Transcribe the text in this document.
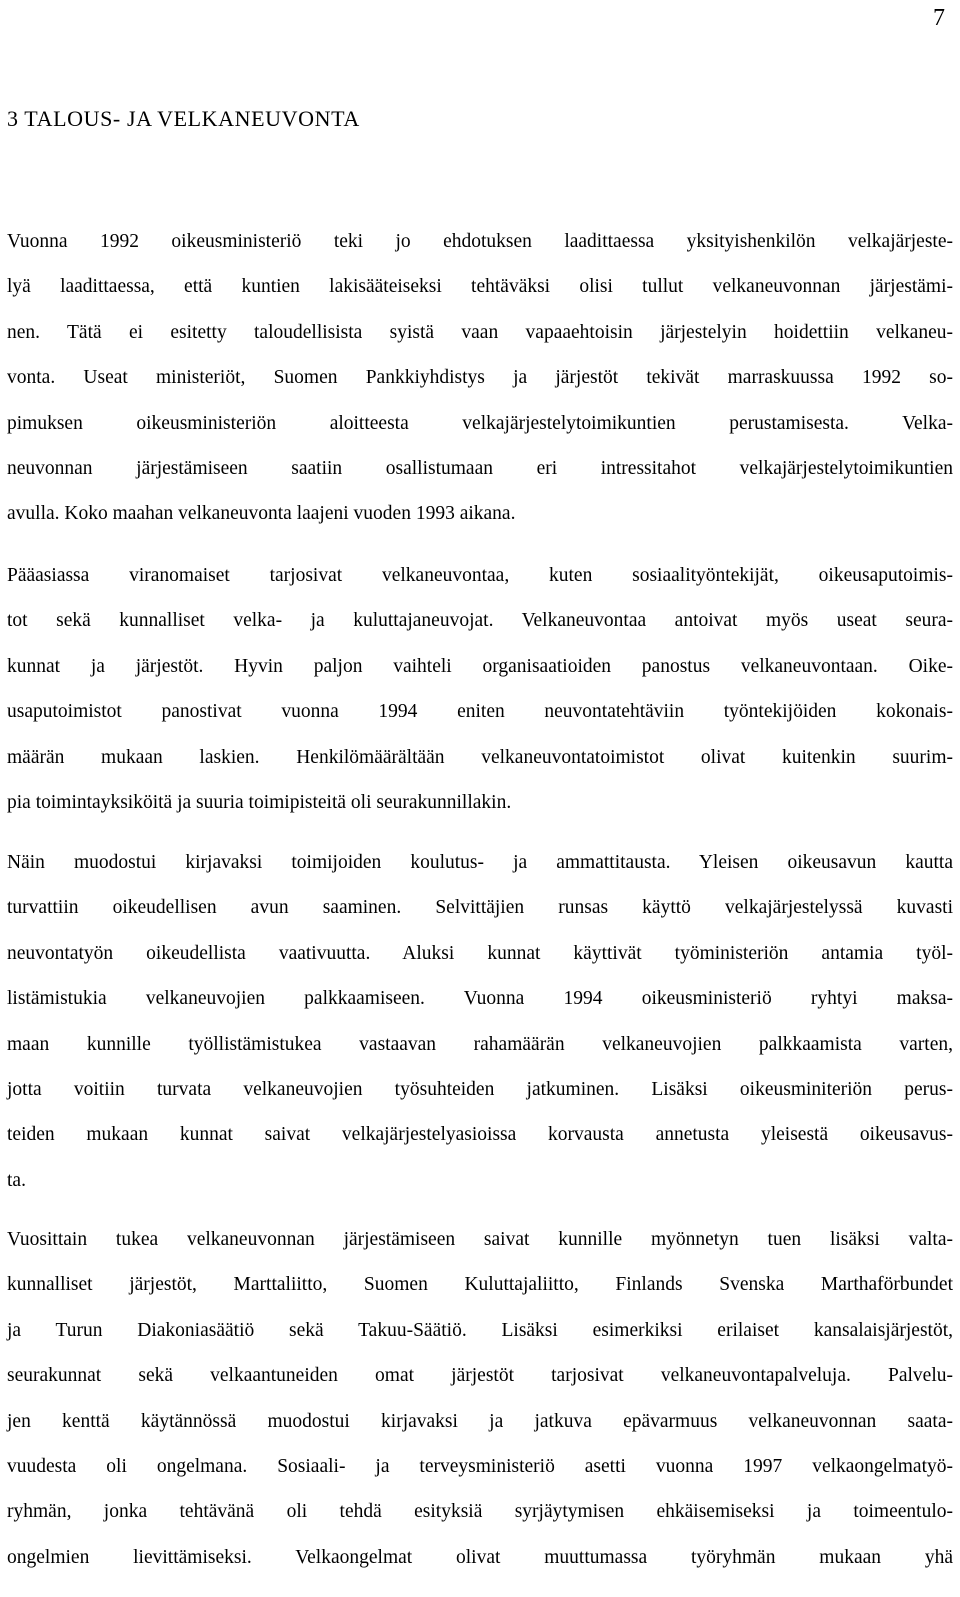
7
3 TALOUS- JA VELKANEUVONTA
Vuonna 1992 oikeusministeriö teki jo ehdotuksen laadittaessa yksityishenkilön velkajärjeste-
lyä laadittaessa, että kuntien lakisääteiseksi tehtäväksi olisi tullut velkaneuvonnan järjestämi-
nen. Tätä ei esitetty taloudellisista syistä vaan vapaaehtoisin järjestelyin hoidettiin velkaneu-
vonta. Useat ministeriöt, Suomen Pankkiyhdistys ja järjestöt tekivät marraskuussa 1992 so-
pimuksen oikeusministeriön aloitteesta velkajärjestelytoimikuntien perustamisesta. Velka-
neuvonnan järjestämiseen saatiin osallistumaan eri intressitahot velkajärjestelytoimikuntien
avulla. Koko maahan velkaneuvonta laajeni vuoden 1993 aikana.
Pääasiassa viranomaiset tarjosivat velkaneuvontaa, kuten sosiaalityöntekijät, oikeusaputoimis-
tot sekä kunnalliset velka- ja kuluttajaneuvojat. Velkaneuvontaa antoivat myös useat seura-
kunnat ja järjestöt. Hyvin paljon vaihteli organisaatioiden panostus velkaneuvontaan. Oike-
usaputoimistot panostivat vuonna 1994 eniten neuvontatehtäviin työntekijöiden kokonais-
määrän mukaan laskien. Henkilömäärältään velkaneuvontatoimistot olivat kuitenkin suurim-
pia toimintayksiköitä ja suuria toimipisteitä oli seurakunnillakin.
Näin muodostui kirjavaksi toimijoiden koulutus- ja ammattitausta. Yleisen oikeusavun kautta
turvattiin oikeudellisen avun saaminen. Selvittäjien runsas käyttö velkajärjestelyssä kuvasti
neuvontatyön oikeudellista vaativuutta. Aluksi kunnat käyttivät työministeriön antamia työl-
listämistukia velkaneuvojien palkkaamiseen. Vuonna 1994 oikeusministeriö ryhtyi maksa-
maan kunnille työllistämistukea vastaavan rahamäärän velkaneuvojien palkkaamista varten,
jotta voitiin turvata velkaneuvojien työsuhteiden jatkuminen. Lisäksi oikeusminiteriön perus-
teiden mukaan kunnat saivat velkajärjestelyasioissa korvausta annetusta yleisestä oikeusavus-
ta.
Vuosittain tukea velkaneuvonnan järjestämiseen saivat kunnille myönnetyn tuen lisäksi valta-
kunnalliset järjestöt, Marttaliitto, Suomen Kuluttajaliitto, Finlands Svenska Marthaförbundet
ja Turun Diakoniasäätiö sekä Takuu-Säätiö. Lisäksi esimerkiksi erilaiset kansalaisjärjestöt,
seurakunnat sekä velkaantuneiden omat järjestöt tarjosivat velkaneuvontapalveluja. Palvelu-
jen kenttä käytännössä muodostui kirjavaksi ja jatkuva epävarmuus velkaneuvonnan saata-
vuudesta oli ongelmana. Sosiaali- ja terveysministeriö asetti vuonna 1997 velkaongelmatyö-
ryhmän, jonka tehtävänä oli tehdä esityksiä syrjäytymisen ehkäisemiseksi ja toimeentulo-
ongelmien lievittämiseksi. Velkaongelmat olivat muuttumassa työryhmän mukaan yhä
